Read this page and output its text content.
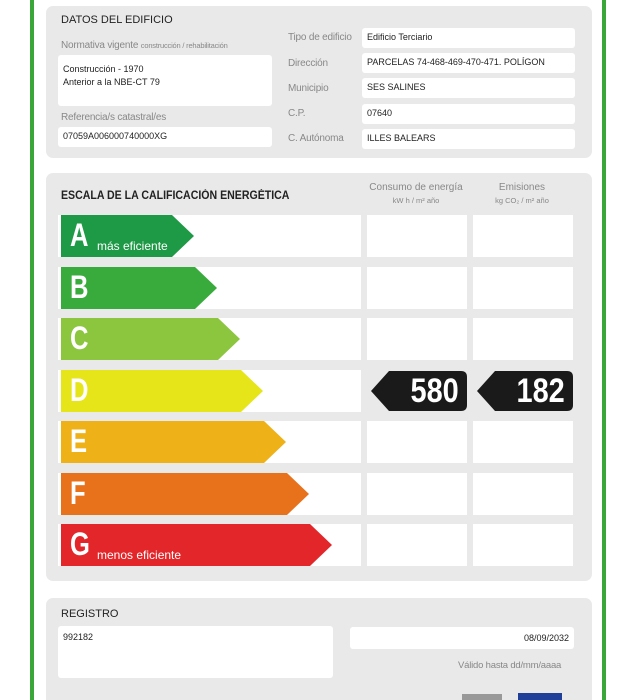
DATOS DEL EDIFICIO
Normativa vigente construcción / rehabilitación
Construcción - 1970
Anterior a la NBE-CT 79
Referencia/s catastral/es
07059A006000740000XG
Tipo de edificio	Edificio Terciario
Dirección	PARCELAS 74-468-469-470-471. POLÍGON
Municipio	SES SALINES
C.P.	07640
C. Autónoma	ILLES BALEARS
ESCALA DE LA CALIFICACIÓN ENERGÉTICA
Consumo de energía
kW h / m² año
Emisiones
kg CO₂ / m² año
A más eficiente
B
C
D	580 182
E
F
G menos eficiente
REGISTRO
992182	08/09/2032
Válido hasta dd/mm/aaaa
